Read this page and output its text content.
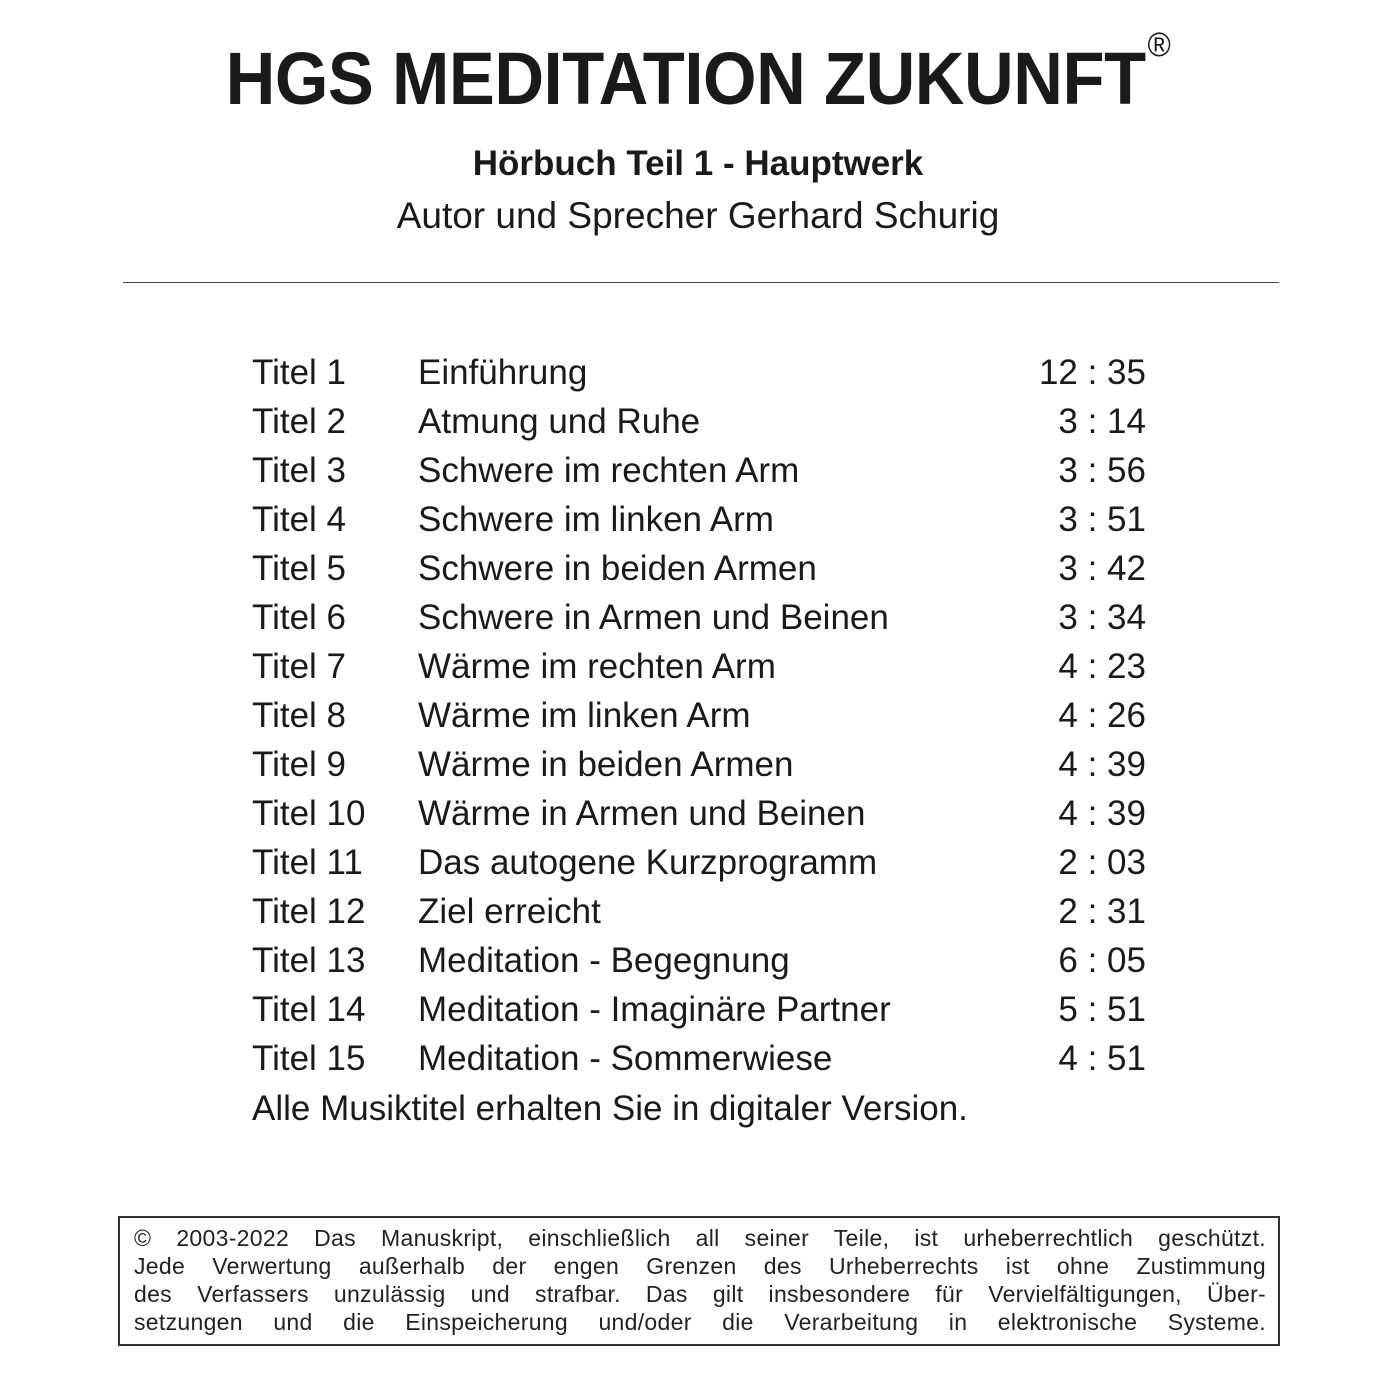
HGS MEDITATION ZUKUNFT®
Hörbuch Teil 1 - Hauptwerk
Autor und Sprecher Gerhard Schurig
Titel 1 Einführung	12 : 35
Titel 2 Atmung und Ruhe	3 : 14
Titel 3 Schwere im rechten Arm	3 : 56
Titel 4 Schwere im linken Arm	3 : 51
Titel 5 Schwere in beiden Armen	3 : 42
Titel 6 Schwere in Armen und Beinen	3 : 34
Titel 7 Wärme im rechten Arm	4 : 23
Titel 8 Wärme im linken Arm	4 : 26
Titel 9 Wärme in beiden Armen	4 : 39
Titel 10 Wärme in Armen und Beinen	4 : 39
Titel 11 Das autogene Kurzprogramm	2 : 03
Titel 12 Ziel erreicht	2 : 31
Titel 13 Meditation - Begegnung	6 : 05
Titel 14 Meditation - Imaginäre Partner	5 : 51
Titel 15 Meditation - Sommerwiese	4 : 51
Alle Musiktitel erhalten Sie in digitaler Version.
© 2003-2022 Das Manuskript, einschließlich all seiner Teile, ist urheberrechtlich geschützt.
Jede Verwertung außerhalb der engen Grenzen des Urheberrechts ist ohne Zustimmung
des Verfassers unzulässig und strafbar. Das gilt insbesondere für Vervielfältigungen, Über-
setzungen und die Einspeicherung und/oder die Verarbeitung in elektronische Systeme.
